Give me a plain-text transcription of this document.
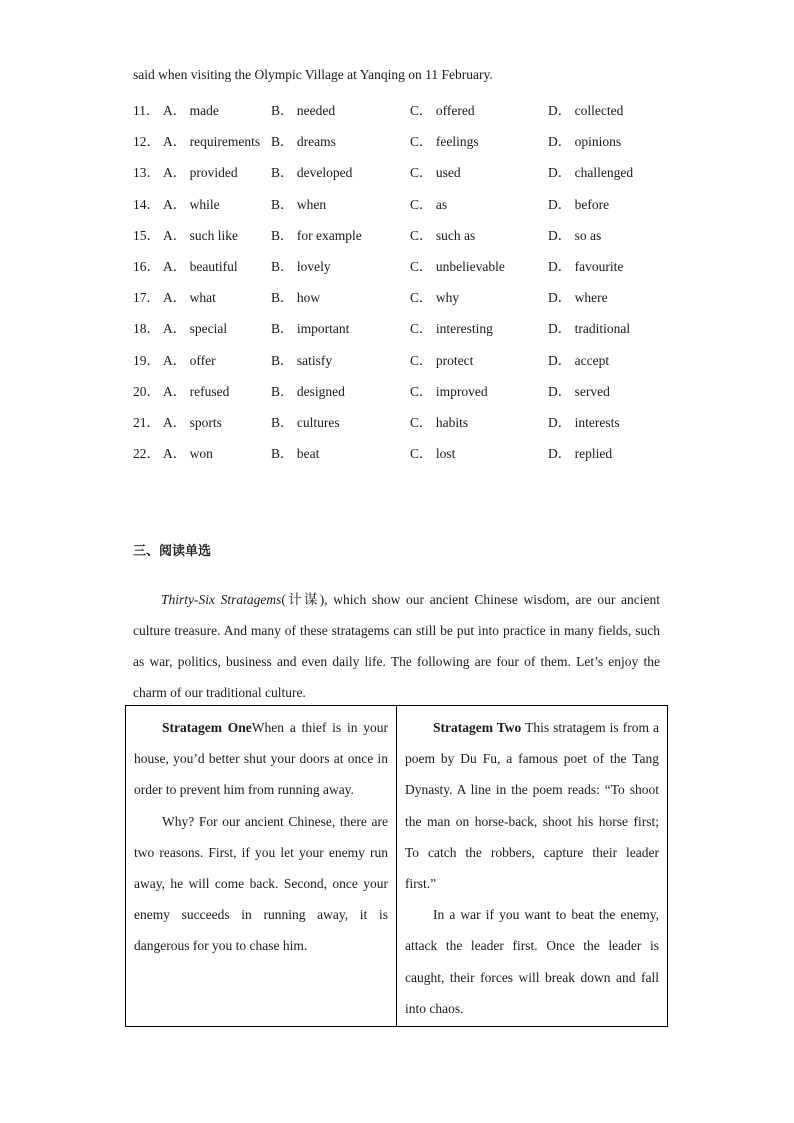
said when visiting the Olympic Village at Yanqing on 11 February.
11． A． made	B． needed	C． offered	D． collected
12． A． requirements B． dreams	C． feelings	D． opinions
13． A． provided B． developed	C． used	D． challenged
14． A． while	B． when	C． as	D． before
15． A． such like B． for example	C． such as	D． so as
16． A． beautiful B． lovely	C． unbelievable	D． favourite
17． A． what	B． how	C． why	D． where
18． A． special	B． important	C． interesting	D． traditional
19． A． offer	B． satisfy	C． protect	D． accept
20． A． refused	B． designed	C． improved	D． served
21． A． sports	B． cultures	C． habits	D． interests
22． A． won	B． beat	C． lost	D． replied
三、阅读单选

Thirty-Six Stratagems(计谋), which show our ancient Chinese wisdom, are our ancient culture treasure. And many of these stratagems can still be put into practice in many fields, such as war, politics, business and even daily life. The following are four of them. Let’s enjoy the charm of our traditional culture.

Stratagem OneWhen a thief is in your house, you’d better shut your doors at once in order to prevent him from running away.

Why? For our ancient Chinese, there are two reasons. First, if you let your enemy run away, he will come back. Second, once your enemy succeeds in running away, it is dangerous for you to chase him.

Stratagem Two This stratagem is from a poem by Du Fu, a famous poet of the Tang Dynasty. A line in the poem reads: “To shoot the man on horse-back, shoot his horse first; To catch the robbers, capture their leader first.”

In a war if you want to beat the enemy, attack the leader first. Once the leader is caught, their forces will break down and fall into chaos.
